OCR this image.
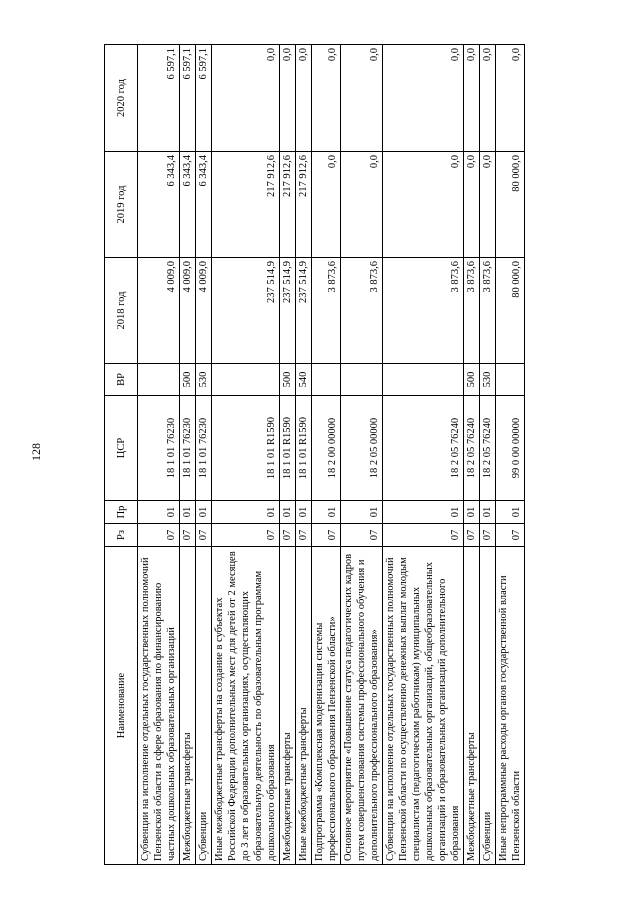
128
Наименование	Рз	Пр	ЦСР	ВР	2018 год	2019 год	2020 год
Субвенции на исполнение отдельных государственных полномочий Пензенской области в сфере образования по финансированию частных дошкольных образовательных организаций	07	01	18 1 01 76230		4 009,0	6 343,4	6 597,1
Межбюджетные трансферты	07	01	18 1 01 76230	500	4 009,0	6 343,4	6 597,1
Субвенции	07	01	18 1 01 76230	530	4 009,0	6 343,4	6 597,1
Иные межбюджетные трансферты на создание в субъектах Российской Федерации дополнительных мест для детей от 2 месяцев до 3 лет в образовательных организациях, осуществляющих образовательную деятельность по образовательным программам дошкольного образования	07	01	18 1 01 R1590		237 514,9	217 912,6	0,0
Межбюджетные трансферты	07	01	18 1 01 R1590	500	237 514,9	217 912,6	0,0
Иные межбюджетные трансферты	07	01	18 1 01 R1590	540	237 514,9	217 912,6	0,0
Подпрограмма «Комплексная модернизация системы профессионального образования Пензенской области»	07	01	18 2 00 00000		3 873,6	0,0	0,0
Основное мероприятие «Повышение статуса педагогических кадров путем совершенствования системы профессионального обучения и дополнительного профессионального образования»	07	01	18 2 05 00000		3 873,6	0,0	0,0
Субвенции на исполнение отдельных государственных полномочий Пензенской области по осуществлению денежных выплат молодым специалистам (педагогическим работникам) муниципальных дошкольных образовательных организаций, общеобразовательных организаций и образовательных организаций дополнительного образования	07	01	18 2 05 76240		3 873,6	0,0	0,0
Межбюджетные трансферты	07	01	18 2 05 76240	500	3 873,6	0,0	0,0
Субвенции	07	01	18 2 05 76240	530	3 873,6	0,0	0,0
Иные непрограммные расходы органов государственной власти Пензенской области	07	01	99 0 00 00000		80 000,0	80 000,0	0,0
